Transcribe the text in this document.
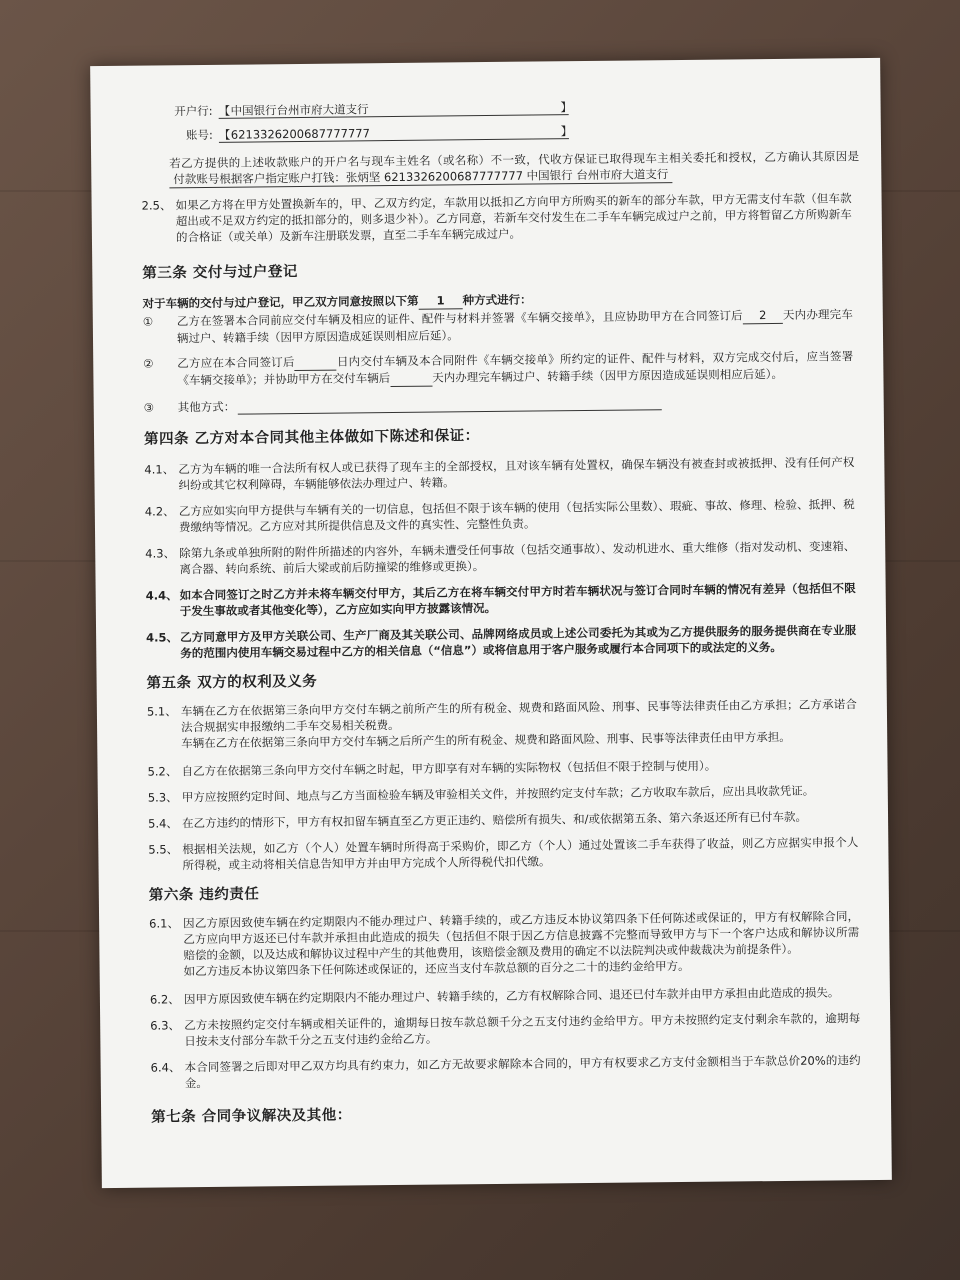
开户行: 【 中国银行台州市府大道支行	】
账号: 【 6213326200687777777	】
若乙方提供的上述收款账户的开户名与现车主姓名（或名称）不一致，代收方保证已取得现车主相关委托和授权，乙方确认其原因是 付款账号根据客户指定账户打钱：张炳坚 6213326200687777777 中国银行 台州市府大道支行
2.5、 如果乙方将在甲方处置换新车的，甲、乙双方约定，车款用以抵扣乙方向甲方所购买的新车的部分车款，甲方无需支付车款（但车款超出或不足双方约定的抵扣部分的，则多退少补）。乙方同意，若新车交付发生在二手车车辆完成过户之前，甲方将暂留乙方所购新车的合格证（或关单）及新车注册联发票，直至二手车车辆完成过户。
第三条 交付与过户登记
对于车辆的交付与过户登记，甲乙双方同意按照以下第 1 种方式进行：
①	乙方在签署本合同前应交付车辆及相应的证件、配件与材料并签署《车辆交接单》，且应协助甲方在合同签订后 2 天内办理完车辆过户、转籍手续（因甲方原因造成延误则相应后延）。
②	乙方应在本合同签订后	日内交付车辆及本合同附件《车辆交接单》所约定的证件、配件与材料，双方完成交付后，应当签署《车辆交接单》；并协助甲方在交付车辆后	天内办理完车辆过户、转籍手续（因甲方原因造成延误则相应后延）。
③	其他方式：
第四条 乙方对本合同其他主体做如下陈述和保证：
4.1、 乙方为车辆的唯一合法所有权人或已获得了现车主的全部授权，且对该车辆有处置权，确保车辆没有被查封或被抵押、没有任何产权纠纷或其它权利障碍，车辆能够依法办理过户、转籍。
4.2、 乙方应如实向甲方提供与车辆有关的一切信息，包括但不限于该车辆的使用（包括实际公里数）、瑕疵、事故、修理、检验、抵押、税费缴纳等情况。乙方应对其所提供信息及文件的真实性、完整性负责。
4.3、 除第九条或单独所附的附件所描述的内容外，车辆未遭受任何事故（包括交通事故）、发动机进水、重大维修（指对发动机、变速箱、离合器、转向系统、前后大梁或前后防撞梁的维修或更换）。
4.4、 如本合同签订之时乙方并未将车辆交付甲方，其后乙方在将车辆交付甲方时若车辆状况与签订合同时车辆的情况有差异（包括但不限于发生事故或者其他变化等），乙方应如实向甲方披露该情况。
4.5、 乙方同意甲方及甲方关联公司、生产厂商及其关联公司、品牌网络成员或上述公司委托为其或为乙方提供服务的服务提供商在专业服务的范围内使用车辆交易过程中乙方的相关信息（“信息”）或将信息用于客户服务或履行本合同项下的或法定的义务。
第五条 双方的权利及义务
5.1、 车辆在乙方在依据第三条向甲方交付车辆之前所产生的所有税金、规费和路面风险、刑事、民事等法律责任由乙方承担；乙方承诺合法合规据实申报缴纳二手车交易相关税费。
车辆在乙方在依据第三条向甲方交付车辆之后所产生的所有税金、规费和路面风险、刑事、民事等法律责任由甲方承担。
5.2、 自乙方在依据第三条向甲方交付车辆之时起，甲方即享有对车辆的实际物权（包括但不限于控制与使用）。
5.3、 甲方应按照约定时间、地点与乙方当面检验车辆及审验相关文件，并按照约定支付车款；乙方收取车款后，应出具收款凭证。
5.4、 在乙方违约的情形下，甲方有权扣留车辆直至乙方更正违约、赔偿所有损失、和/或依据第五条、第六条返还所有已付车款。
5.5、 根据相关法规，如乙方（个人）处置车辆时所得高于采购价，即乙方（个人）通过处置该二手车获得了收益，则乙方应据实申报个人所得税，或主动将相关信息告知甲方并由甲方完成个人所得税代扣代缴。
第六条 违约责任
6.1、 因乙方原因致使车辆在约定期限内不能办理过户、转籍手续的，或乙方违反本协议第四条下任何陈述或保证的，甲方有权解除合同，乙方应向甲方返还已付车款并承担由此造成的损失（包括但不限于因乙方信息披露不完整而导致甲方与下一个客户达成和解协议所需赔偿的金额，以及达成和解协议过程中产生的其他费用，该赔偿金额及费用的确定不以法院判决或仲裁裁决为前提条件）。
如乙方违反本协议第四条下任何陈述或保证的，还应当支付车款总额的百分之二十的违约金给甲方。
6.2、 因甲方原因致使车辆在约定期限内不能办理过户、转籍手续的，乙方有权解除合同、退还已付车款并由甲方承担由此造成的损失。
6.3、 乙方未按照约定交付车辆或相关证件的，逾期每日按车款总额千分之五支付违约金给甲方。甲方未按照约定支付剩余车款的，逾期每日按未支付部分车款千分之五支付违约金给乙方。
6.4、 本合同签署之后即对甲乙双方均具有约束力，如乙方无故要求解除本合同的，甲方有权要求乙方支付金额相当于车款总价20%的违约金。
第七条 合同争议解决及其他：
